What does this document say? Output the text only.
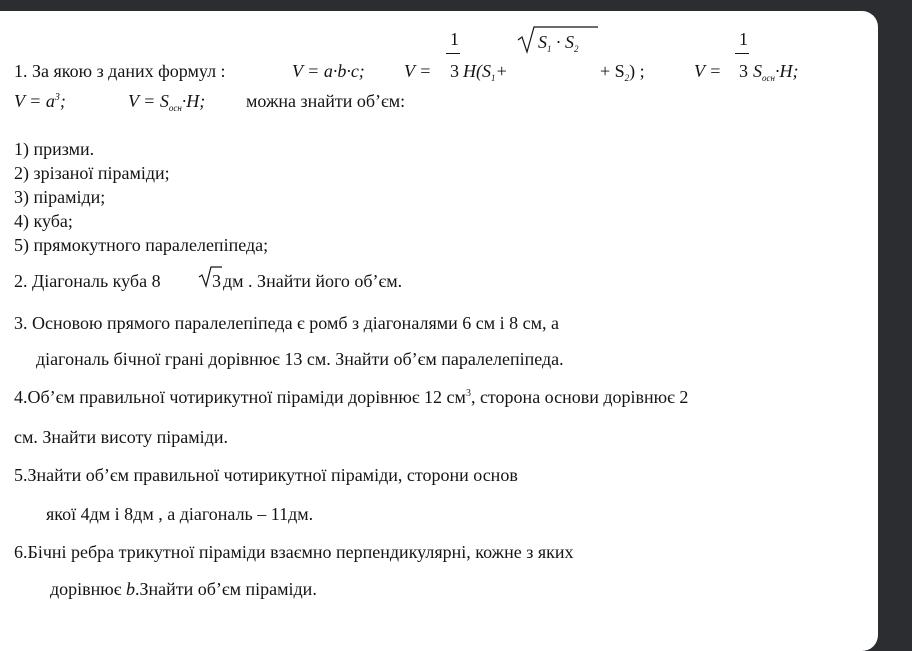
1. За якою з даних формул :	V = a·b·c; V =
1
3 $H(S_1+$
$S_1 \cdot S_2$
+ $S_2$) ;	V =
1
3 $S_{осн}\cdot H$;
$V = a^3$;	$V = S_{осн}\cdot H$; можна знайти об’єм:
1) призми.
2) зрізаної піраміди;
3) піраміди;
4) куба;
5) прямокутного паралелепіпеда;
2. Діагональ куба 8	3 дм . Знайти його об’єм.
3. Основою прямого паралелепіпеда є ромб з діагоналями 6 см і 8 см, а
діагональ бічної грані дорівнює 13 см. Знайти об’єм паралелепіпеда.
4.Об’єм правильної чотирикутної піраміди дорівнює 12 $см^3$, сторона основи дорівнює 2
см. Знайти висоту піраміди.
5.Знайти об’єм правильної чотирикутної піраміди, сторони основ
якої 4дм і 8дм , а діагональ – 11дм.
6.Бічні ребра трикутної піраміди взаємно перпендикулярні, кожне з яких
дорівнює b.Знайти об’єм піраміди.
